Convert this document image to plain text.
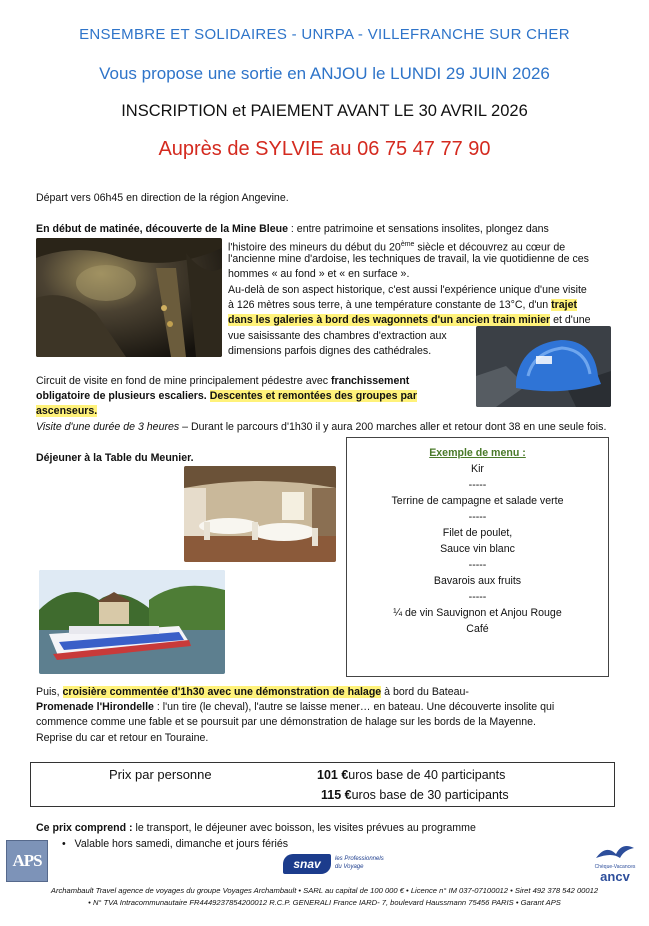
ENSEMBRE ET SOLIDAIRES - UNRPA - VILLEFRANCHE SUR CHER
Vous propose une sortie en ANJOU le LUNDI 29 JUIN 2026
INSCRIPTION et PAIEMENT AVANT LE 30 AVRIL 2026
Auprès de SYLVIE au 06 75 47 77 90
Départ vers 06h45 en direction de la région Angevine.
En début de matinée, découverte de la Mine Bleue : entre patrimoine et sensations insolites, plongez dans
l'histoire des mineurs du début du 20ème siècle et découvrez au cœur de
l'ancienne mine d'ardoise, les techniques de travail, la vie quotidienne de ces
hommes « au fond » et « en surface ».
Au-delà de son aspect historique, c'est aussi l'expérience unique d'une visite
à 126 mètres sous terre, à une température constante de 13°C, d'un trajet
dans les galeries à bord des wagonnets d'un ancien train minier et d'une
vue saisissante des chambres d'extraction aux
dimensions parfois dignes des cathédrales.
Circuit de visite en fond de mine principalement pédestre avec franchissement
obligatoire de plusieurs escaliers. Descentes et remontées des groupes par
ascenseurs.
Visite d'une durée de 3 heures – Durant le parcours d'1h30 il y aura 200 marches aller et retour dont 38 en une seule fois.
Déjeuner à la Table du Meunier.	Exemple de menu :
Kir
-----
Terrine de campagne et salade verte
-----
Filet de poulet,
Sauce vin blanc
-----
Bavarois aux fruits
-----
¼ de vin Sauvignon et Anjou Rouge
Café
Puis, croisière commentée d'1h30 avec une démonstration de halage à bord du Bateau-
Promenade l'Hirondelle : l'un tire (le cheval), l'autre se laisse mener… en bateau. Une découverte insolite qui
commence comme une fable et se poursuit par une démonstration de halage sur les bords de la Mayenne.
Reprise du car et retour en Touraine.
Prix par personne	101 €uros base de 40 participants
115 €uros base de 30 participants
Ce prix comprend : le transport, le déjeuner avec boisson, les visites prévues au programme
•   Valable hors samedi, dimanche et jours fériés
APS	snav	les Professionnels
du Voyage	Chèque-Vacances
ancv
Archambault Travel agence de voyages du groupe Voyages Archambault • SARL au capital de 100 000 € • Licence n° IM 037-07100012 • Siret 492 378 542 00012
• N° TVA Intracommunautaire FR4449237854200012 R.C.P. GENERALI France IARD- 7, boulevard Haussmann 75456 PARIS • Garant APS
